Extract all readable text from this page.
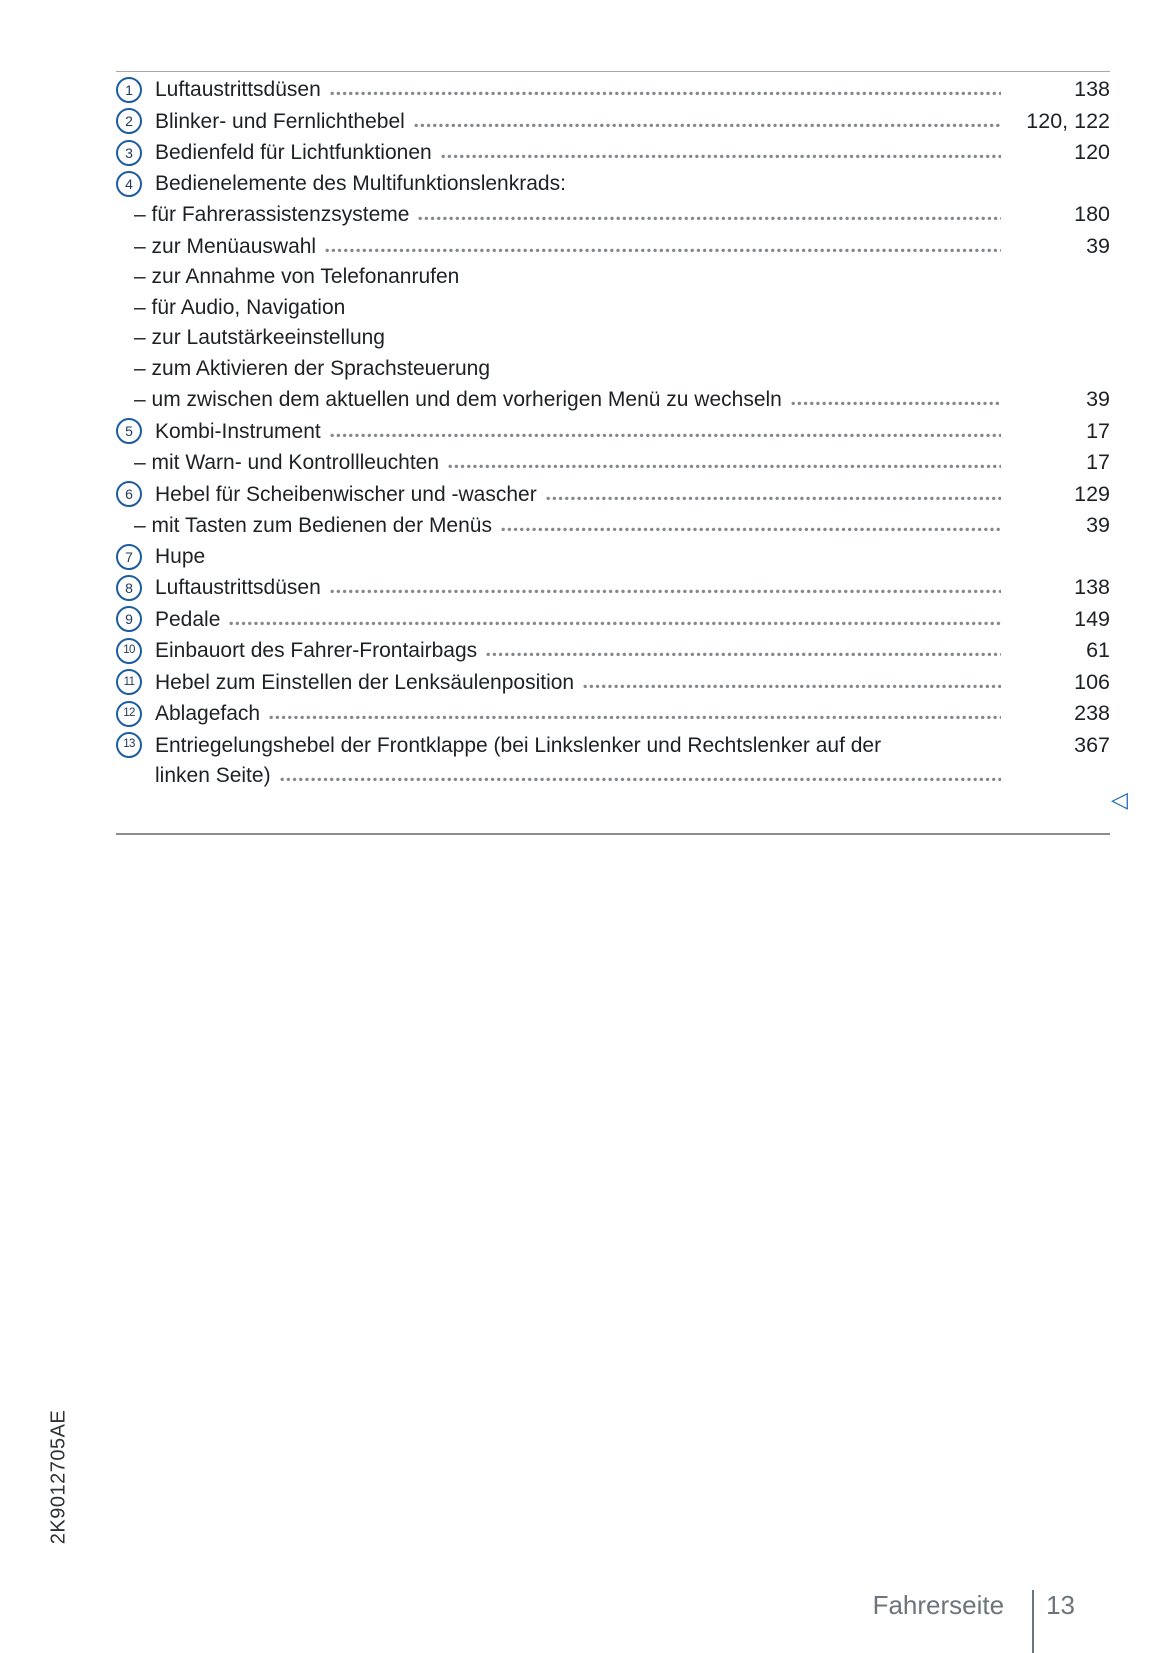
1 Luftaustrittsdüsen	138
2 Blinker- und Fernlichthebel	120, 122
3 Bedienfeld für Lichtfunktionen	120
4 Bedienelemente des Multifunktionslenkrads:
– für Fahrerassistenzsysteme	180
– zur Menüauswahl	39
– zur Annahme von Telefonanrufen
– für Audio, Navigation
– zur Lautstärkeeinstellung
– zum Aktivieren der Sprachsteuerung
– um zwischen dem aktuellen und dem vorherigen Menü zu wechseln	39
5 Kombi-Instrument	17
– mit Warn- und Kontrollleuchten	17
6 Hebel für Scheibenwischer und -wascher	129
– mit Tasten zum Bedienen der Menüs	39
7 Hupe
8 Luftaustrittsdüsen	138
9 Pedale	149
10 Einbauort des Fahrer-Frontairbags	61
11 Hebel zum Einstellen der Lenksäulenposition	106
12 Ablagefach	238
13 Entriegelungshebel der Frontklappe (bei Linkslenker und Rechtslenker auf der	367
linken Seite)
◁
2K9012705AE
Fahrerseite 13
